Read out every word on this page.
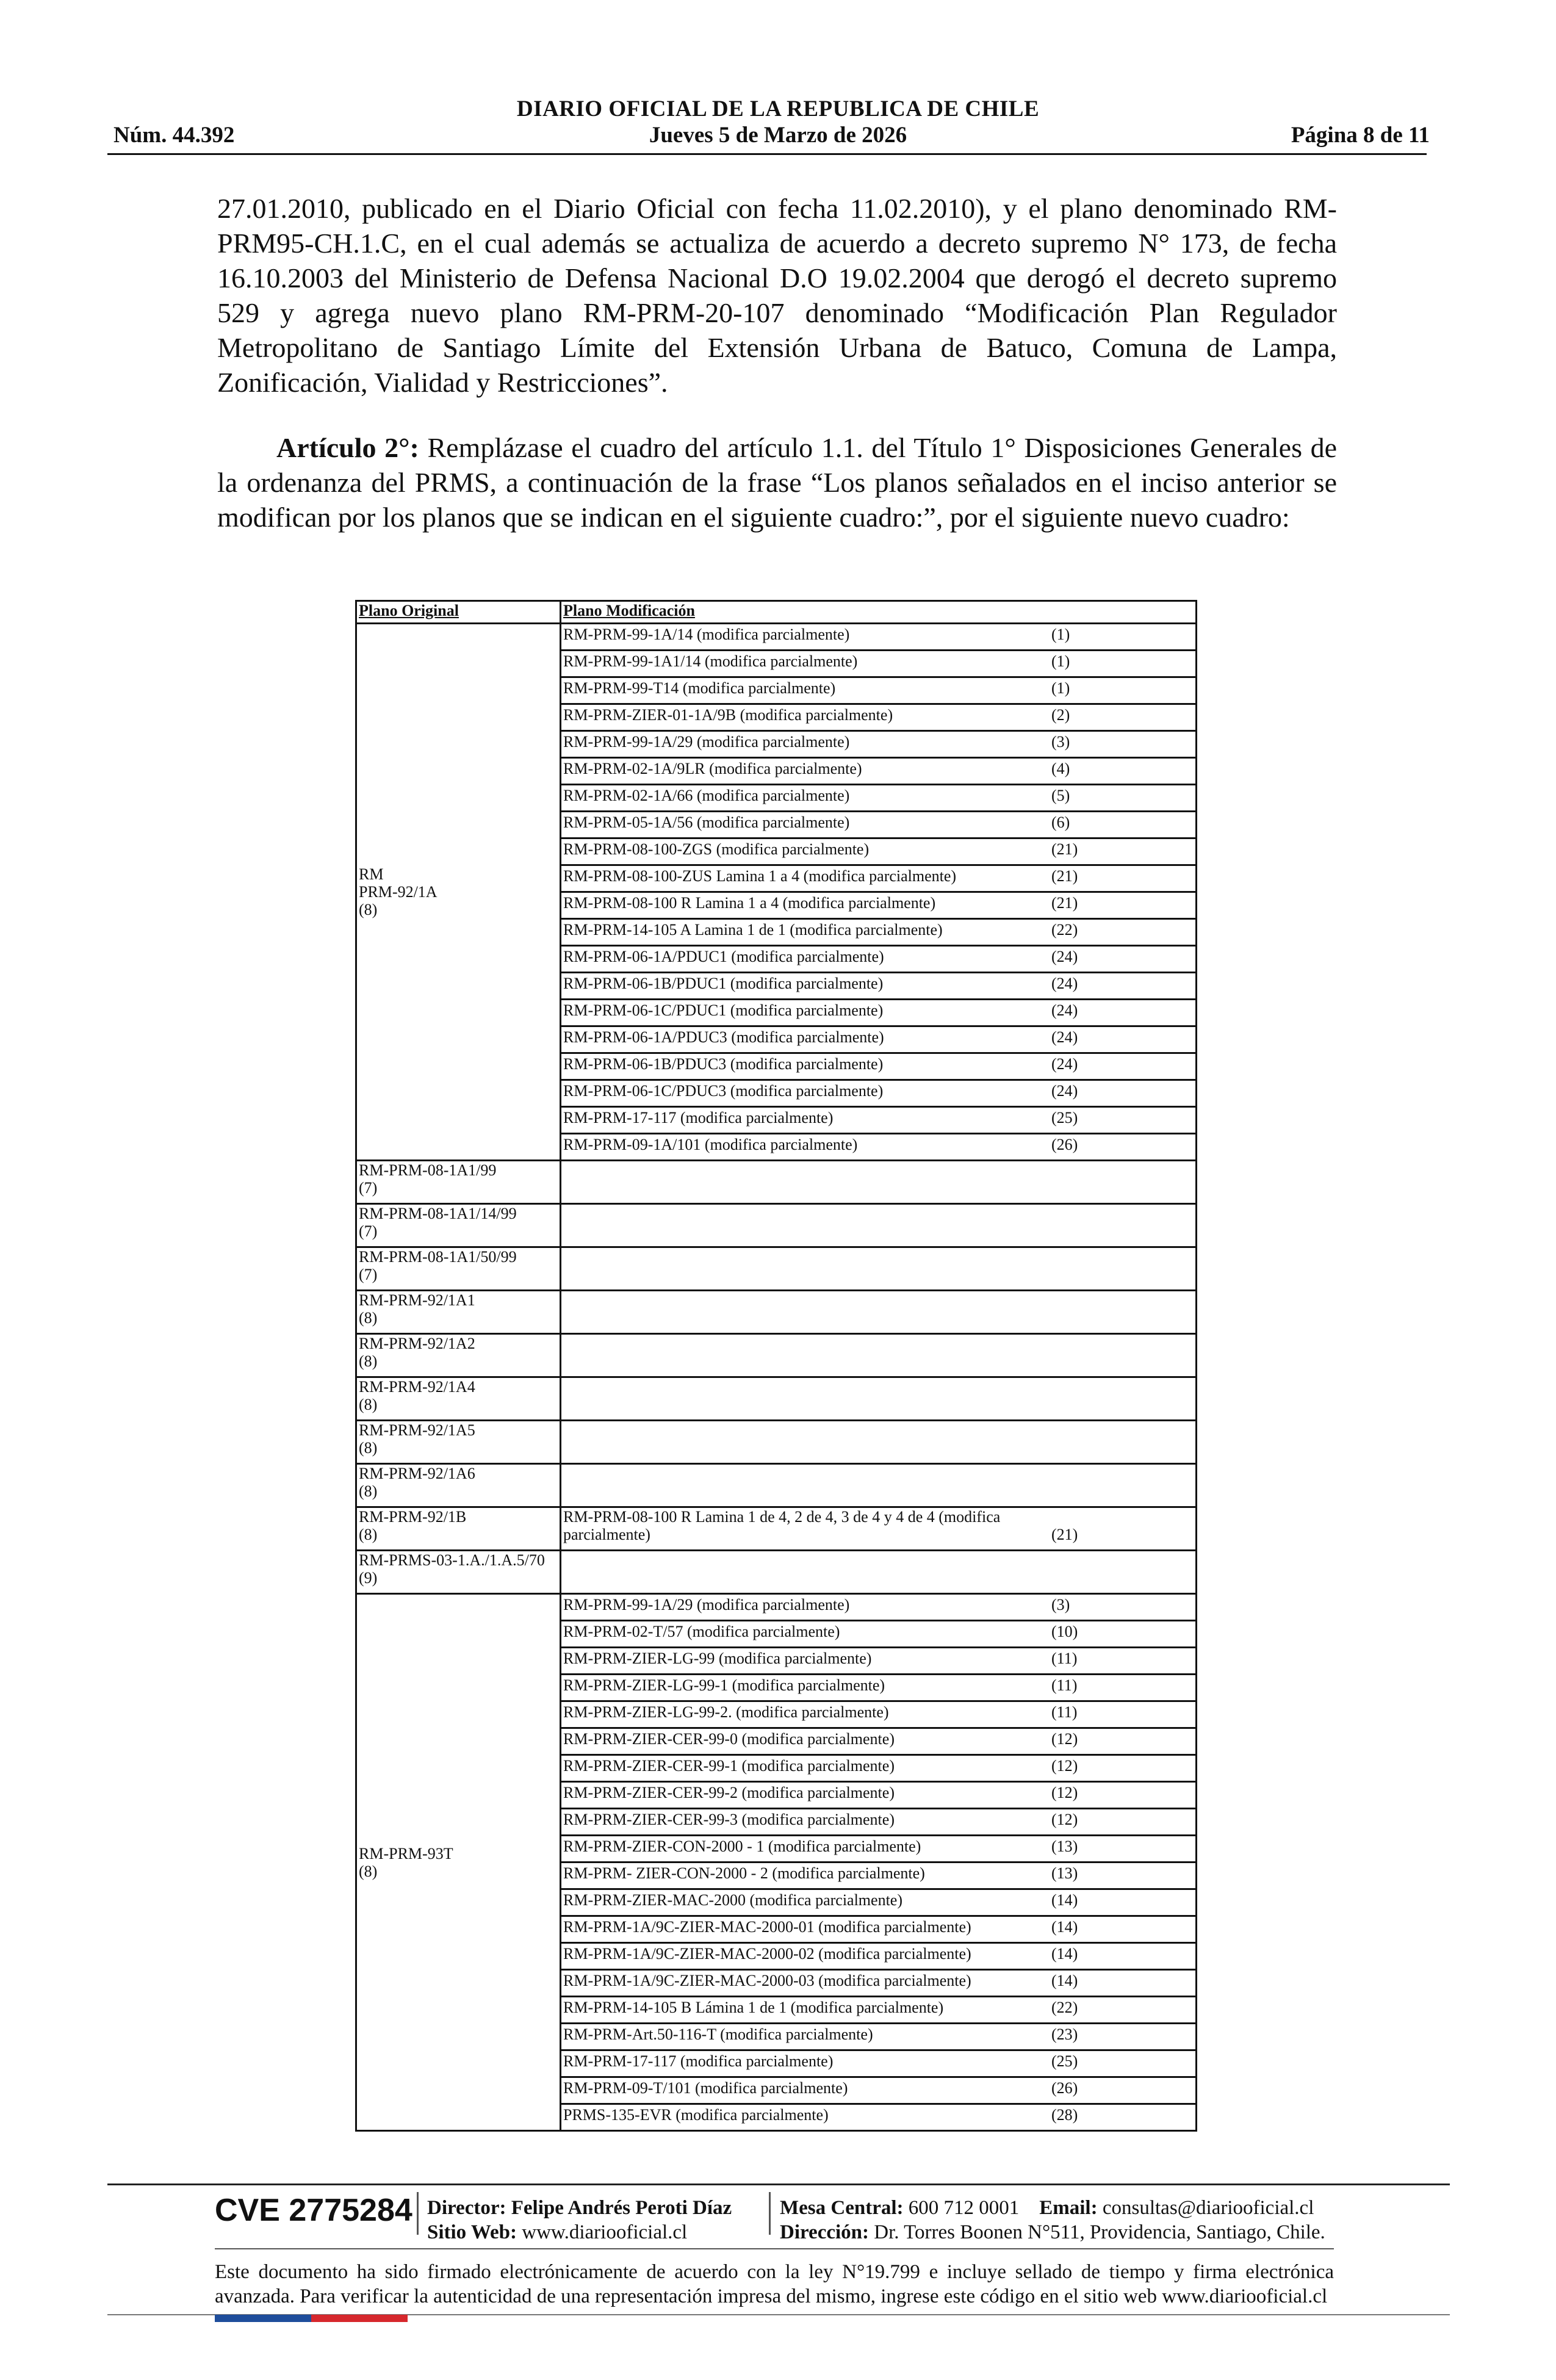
DIARIO OFICIAL DE LA REPUBLICA DE CHILE
Núm. 44.392	Jueves 5 de Marzo de 2026	Página 8 de 11
27.01.2010, publicado en el Diario Oficial con fecha 11.02.2010), y el plano denominado RM-PRM95-CH.1.C, en el cual además se actualiza de acuerdo a decreto supremo N° 173, de fecha 16.10.2003 del Ministerio de Defensa Nacional D.O 19.02.2004 que derogó el decreto supremo 529 y agrega nuevo plano RM-PRM-20-107 denominado “Modificación Plan Regulador Metropolitano de Santiago Límite del Extensión Urbana de Batuco, Comuna de Lampa, Zonificación, Vialidad y Restricciones”.
Artículo 2°: Remplázase el cuadro del artículo 1.1. del Título 1° Disposiciones Generales de la ordenanza del PRMS, a continuación de la frase “Los planos señalados en el inciso anterior se modifican por los planos que se indican en el siguiente cuadro:”, por el siguiente nuevo cuadro:
Plano Original	Plano Modificación
RM
PRM-92/1A
(8)	RM-PRM-99-1A/14 (modifica parcialmente) (1)

	RM-PRM-99-1A1/14 (modifica parcialmente) (1)

	RM-PRM-99-T14 (modifica parcialmente) (1)

	RM-PRM-ZIER-01-1A/9B (modifica parcialmente) (2)

	RM-PRM-99-1A/29 (modifica parcialmente) (3)

	RM-PRM-02-1A/9LR (modifica parcialmente) (4)

	RM-PRM-02-1A/66 (modifica parcialmente) (5)

	RM-PRM-05-1A/56 (modifica parcialmente) (6)

	RM-PRM-08-100-ZGS (modifica parcialmente) (21)

	RM-PRM-08-100-ZUS Lamina 1 a 4 (modifica parcialmente) (21)

	RM-PRM-08-100 R Lamina 1 a 4 (modifica parcialmente) (21)

	RM-PRM-14-105 A Lamina 1 de 1 (modifica parcialmente) (22)

	RM-PRM-06-1A/PDUC1 (modifica parcialmente) (24)

	RM-PRM-06-1B/PDUC1 (modifica parcialmente) (24)

	RM-PRM-06-1C/PDUC1 (modifica parcialmente) (24)

	RM-PRM-06-1A/PDUC3 (modifica parcialmente) (24)

	RM-PRM-06-1B/PDUC3 (modifica parcialmente) (24)

	RM-PRM-06-1C/PDUC3 (modifica parcialmente) (24)

	RM-PRM-17-117 (modifica parcialmente) (25)

	RM-PRM-09-1A/101 (modifica parcialmente) (26)

RM-PRM-08-1A1/99
(7)	
RM-PRM-08-1A1/14/99
(7)	
RM-PRM-08-1A1/50/99
(7)	
RM-PRM-92/1A1
(8)	
RM-PRM-92/1A2
(8)	
RM-PRM-92/1A4
(8)	
RM-PRM-92/1A5
(8)	
RM-PRM-92/1A6
(8)	
RM-PRM-92/1B
(8)	RM-PRM-08-100 R Lamina 1 de 4, 2 de 4, 3 de 4 y 4 de 4 (modifica parcialmente) (21)

RM-PRMS-03-1.A./1.A.5/70
(9)	
RM-PRM-93T
(8)	RM-PRM-99-1A/29 (modifica parcialmente) (3)

	RM-PRM-02-T/57 (modifica parcialmente) (10)

	RM-PRM-ZIER-LG-99 (modifica parcialmente) (11)

	RM-PRM-ZIER-LG-99-1 (modifica parcialmente) (11)

	RM-PRM-ZIER-LG-99-2. (modifica parcialmente) (11)

	RM-PRM-ZIER-CER-99-0 (modifica parcialmente) (12)

	RM-PRM-ZIER-CER-99-1 (modifica parcialmente) (12)

	RM-PRM-ZIER-CER-99-2 (modifica parcialmente) (12)

	RM-PRM-ZIER-CER-99-3 (modifica parcialmente) (12)

	RM-PRM-ZIER-CON-2000 - 1 (modifica parcialmente) (13)

	RM-PRM- ZIER-CON-2000 - 2 (modifica parcialmente) (13)

	RM-PRM-ZIER-MAC-2000 (modifica parcialmente) (14)

	RM-PRM-1A/9C-ZIER-MAC-2000-01 (modifica parcialmente) (14)

	RM-PRM-1A/9C-ZIER-MAC-2000-02 (modifica parcialmente) (14)

	RM-PRM-1A/9C-ZIER-MAC-2000-03 (modifica parcialmente) (14)

	RM-PRM-14-105 B Lámina 1 de 1 (modifica parcialmente) (22)

	RM-PRM-Art.50-116-T (modifica parcialmente) (23)

	RM-PRM-17-117 (modifica parcialmente) (25)

	RM-PRM-09-T/101 (modifica parcialmente) (26)

	PRMS-135-EVR (modifica parcialmente) (28)
CVE 2775284 Director: Felipe Andrés Peroti Díaz
Sitio Web: www.diariooficial.cl
Mesa Central: 600 712 0001 Email: consultas@diariooficial.cl
Dirección: Dr. Torres Boonen N°511, Providencia, Santiago, Chile.
Este documento ha sido firmado electrónicamente de acuerdo con la ley N°19.799 e incluye sellado de tiempo y firma electrónica avanzada. Para verificar la autenticidad de una representación impresa del mismo, ingrese este código en el sitio web www.diariooficial.cl
